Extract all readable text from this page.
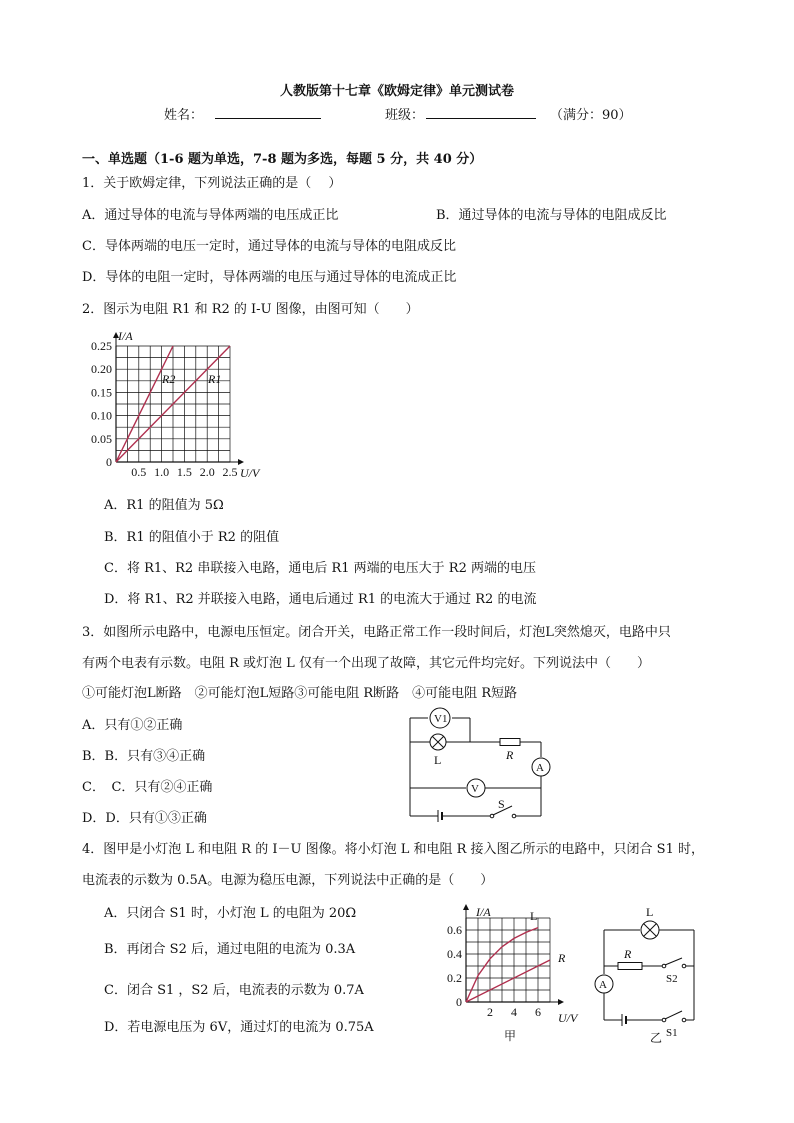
人教版第十七章《欧姆定律》单元测试卷
姓名：	班级：	（满分：90）
一、单选题（1-6 题为单选，7-8 题为多选，每题 5 分，共 40 分）
1．关于欧姆定律，下列说法正确的是（　 ）
A．通过导体的电流与导体两端的电压成正比	B．通过导体的电流与导体的电阻成反比
C．导体两端的电压一定时，通过导体的电流与导体的电阻成反比
D．导体的电阻一定时，导体两端的电压与通过导体的电流成正比
2．图示为电阻 R1 和 R2 的 I-U 图像，由图可知（　　）
0
0.05
0.10
0.15
0.20
0.25
0.5 1.0 1.5 2.0 2.5
I/A
U/V
R2	R1
A．R1 的阻值为 5Ω
B．R1 的阻值小于 R2 的阻值
C．将 R1、R2 串联接入电路，通电后 R1 两端的电压大于 R2 两端的电压
D．将 R1、R2 并联接入电路，通电后通过 R1 的电流大于通过 R2 的电流
3．如图所示电路中，电源电压恒定。闭合开关，电路正常工作一段时间后，灯泡L突然熄灭，电路中只
有两个电表有示数。电阻 R 或灯泡 L 仅有一个出现了故障，其它元件均完好。下列说法中（　　）
①可能灯泡L断路　②可能灯泡L短路③可能电阻 R断路　④可能电阻 R短路
A．只有①②正确
B．B．只有③④正确
C．　C．只有②④正确
D．D．只有①③正确
V1
L	R
A
V
S
4．图甲是小灯泡 L 和电阻 R 的 I－U 图像。将小灯泡 L 和电阻 R 接入图乙所示的电路中，只闭合 S1 时，
电流表的示数为 0.5A。电源为稳压电源，下列说法中正确的是（　　）
A．只闭合 S1 时，小灯泡 L 的电阻为 20Ω
B．再闭合 S2 后，通过电阻的电流为 0.3A
C．闭合 S1 ，S2 后，电流表的示数为 0.7A
D．若电源电压为 6V，通过灯的电流为 0.75A
0
0.2
0.4
0.6
2 4 6
I/A
U/V
L
R
甲
L
R
A	S2
S1
乙
